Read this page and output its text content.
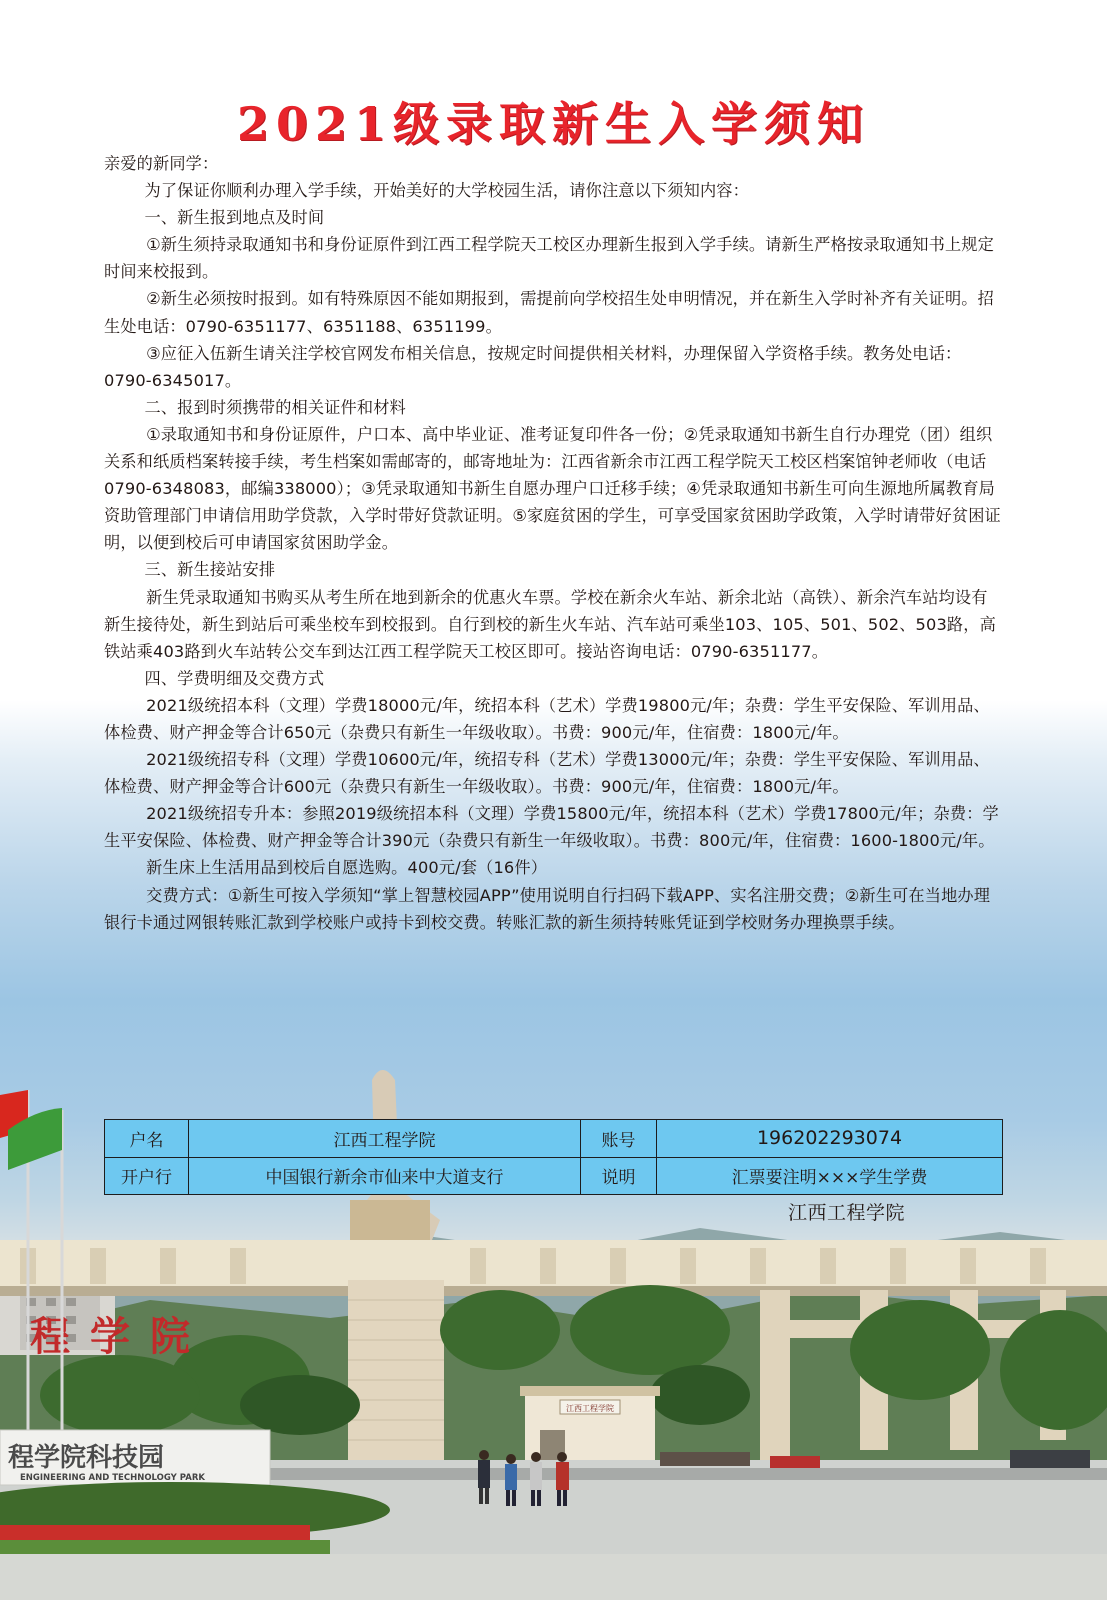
江西工程学院
程学院
程学院科技园
ENGINEERING AND TECHNOLOGY PARK
2021级录取新生入学须知

亲爱的新同学：

为了保证你顺利办理入学手续，开始美好的大学校园生活，请你注意以下须知内容：

一、新生报到地点及时间

①新生须持录取通知书和身份证原件到江西工程学院天工校区办理新生报到入学手续。请新生严格按录取通知书上规定时间来校报到。

②新生必须按时报到。如有特殊原因不能如期报到，需提前向学校招生处申明情况，并在新生入学时补齐有关证明。招生处电话：0790-6351177、6351188、6351199。

③应征入伍新生请关注学校官网发布相关信息，按规定时间提供相关材料，办理保留入学资格手续。教务处电话：0790-6345017。

二、报到时须携带的相关证件和材料

①录取通知书和身份证原件，户口本、高中毕业证、准考证复印件各一份；②凭录取通知书新生自行办理党（团）组织关系和纸质档案转接手续，考生档案如需邮寄的，邮寄地址为：江西省新余市江西工程学院天工校区档案馆钟老师收（电话0790-6348083，邮编338000）；③凭录取通知书新生自愿办理户口迁移手续；④凭录取通知书新生可向生源地所属教育局资助管理部门申请信用助学贷款，入学时带好贷款证明。⑤家庭贫困的学生，可享受国家贫困助学政策，入学时请带好贫困证明，以便到校后可申请国家贫困助学金。

三、新生接站安排

新生凭录取通知书购买从考生所在地到新余的优惠火车票。学校在新余火车站、新余北站（高铁）、新余汽车站均设有新生接待处，新生到站后可乘坐校车到校报到。自行到校的新生火车站、汽车站可乘坐103、105、501、502、503路，高铁站乘403路到火车站转公交车到达江西工程学院天工校区即可。接站咨询电话：0790-6351177。

四、学费明细及交费方式

2021级统招本科（文理）学费18000元/年，统招本科（艺术）学费19800元/年；杂费：学生平安保险、军训用品、体检费、财产押金等合计650元（杂费只有新生一年级收取）。书费：900元/年，住宿费：1800元/年。

2021级统招专科（文理）学费10600元/年，统招专科（艺术）学费13000元/年；杂费：学生平安保险、军训用品、体检费、财产押金等合计600元（杂费只有新生一年级收取）。书费：900元/年，住宿费：1800元/年。

2021级统招专升本：参照2019级统招本科（文理）学费15800元/年，统招本科（艺术）学费17800元/年；杂费：学生平安保险、体检费、财产押金等合计390元（杂费只有新生一年级收取）。书费：800元/年，住宿费：1600-1800元/年。

新生床上生活用品到校后自愿选购。400元/套（16件）

交费方式：①新生可按入学须知“掌上智慧校园APP”使用说明自行扫码下载APP、实名注册交费；②新生可在当地办理银行卡通过网银转账汇款到学校账户或持卡到校交费。转账汇款的新生须持转账凭证到学校财务办理换票手续。

户名	江西工程学院	账号	196202293074
开户行	中国银行新余市仙来中大道支行	说明	汇票要注明×××学生学费
江西工程学院
